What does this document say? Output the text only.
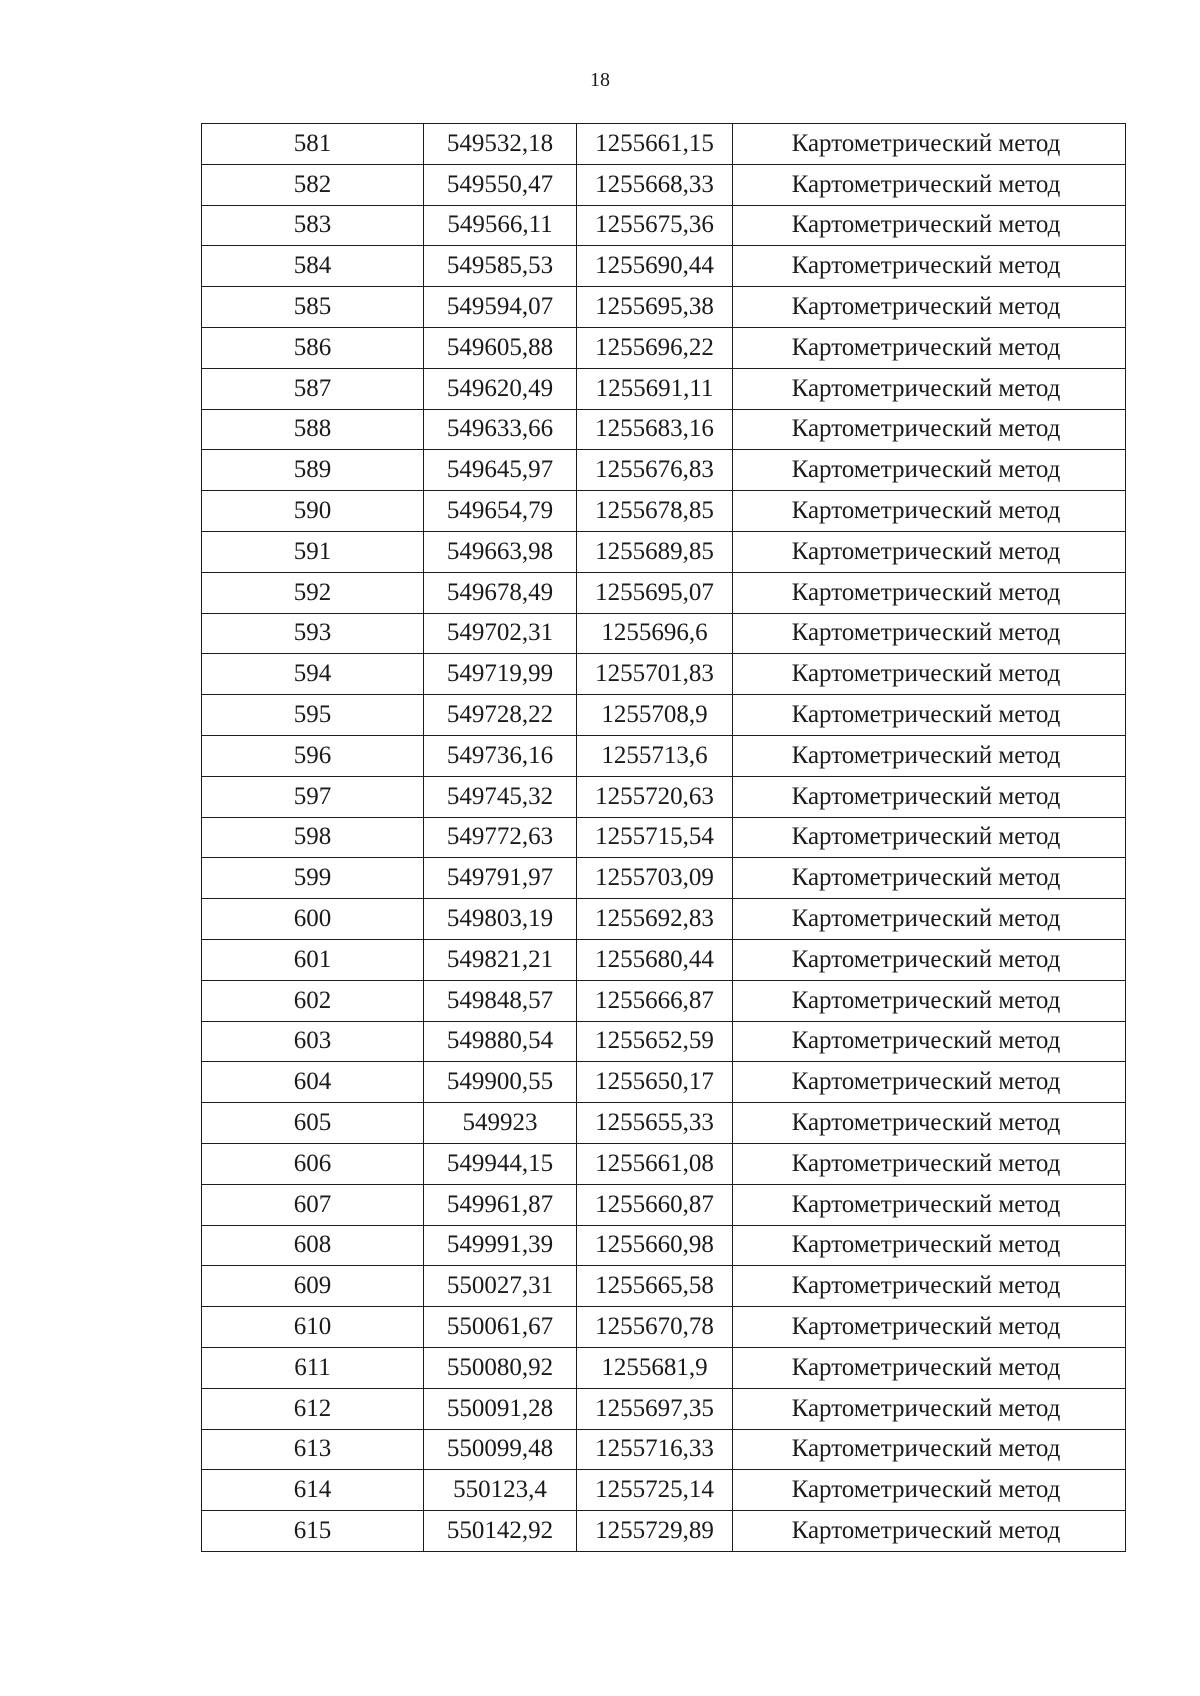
18
581	549532,18	1255661,15	Картометрический метод
582	549550,47	1255668,33	Картометрический метод
583	549566,11	1255675,36	Картометрический метод
584	549585,53	1255690,44	Картометрический метод
585	549594,07	1255695,38	Картометрический метод
586	549605,88	1255696,22	Картометрический метод
587	549620,49	1255691,11	Картометрический метод
588	549633,66	1255683,16	Картометрический метод
589	549645,97	1255676,83	Картометрический метод
590	549654,79	1255678,85	Картометрический метод
591	549663,98	1255689,85	Картометрический метод
592	549678,49	1255695,07	Картометрический метод
593	549702,31	1255696,6	Картометрический метод
594	549719,99	1255701,83	Картометрический метод
595	549728,22	1255708,9	Картометрический метод
596	549736,16	1255713,6	Картометрический метод
597	549745,32	1255720,63	Картометрический метод
598	549772,63	1255715,54	Картометрический метод
599	549791,97	1255703,09	Картометрический метод
600	549803,19	1255692,83	Картометрический метод
601	549821,21	1255680,44	Картометрический метод
602	549848,57	1255666,87	Картометрический метод
603	549880,54	1255652,59	Картометрический метод
604	549900,55	1255650,17	Картометрический метод
605	549923	1255655,33	Картометрический метод
606	549944,15	1255661,08	Картометрический метод
607	549961,87	1255660,87	Картометрический метод
608	549991,39	1255660,98	Картометрический метод
609	550027,31	1255665,58	Картометрический метод
610	550061,67	1255670,78	Картометрический метод
611	550080,92	1255681,9	Картометрический метод
612	550091,28	1255697,35	Картометрический метод
613	550099,48	1255716,33	Картометрический метод
614	550123,4	1255725,14	Картометрический метод
615	550142,92	1255729,89	Картометрический метод
